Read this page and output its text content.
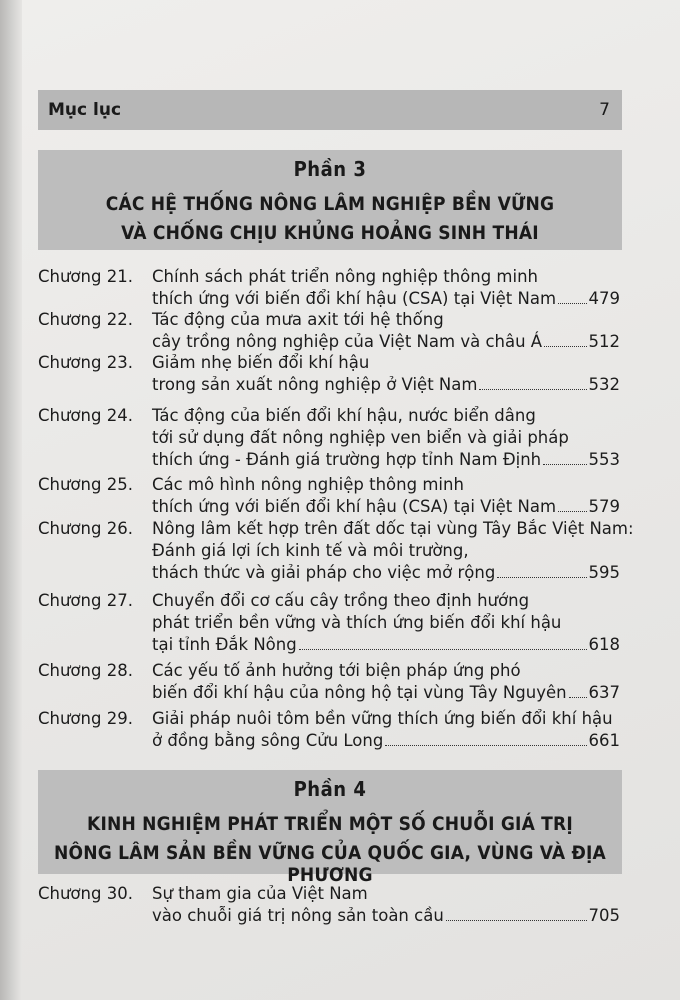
Mục lục	7
Phần 3
CÁC HỆ THỐNG NÔNG LÂM NGHIỆP BỀN VỮNG
VÀ CHỐNG CHỊU KHỦNG HOẢNG SINH THÁI
Chương 21. Chính sách phát triển nông nghiệp thông minh
thích ứng với biến đổi khí hậu (CSA) tại Việt Nam 479
Chương 22. Tác động của mưa axit tới hệ thống
cây trồng nông nghiệp của Việt Nam và châu Á	512
Chương 23. Giảm nhẹ biến đổi khí hậu
trong sản xuất nông nghiệp ở Việt Nam	532
Chương 24. Tác động của biến đổi khí hậu, nước biển dâng
tới sử dụng đất nông nghiệp ven biển và giải pháp
thích ứng - Đánh giá trường hợp tỉnh Nam Định	553
Chương 25. Các mô hình nông nghiệp thông minh
thích ứng với biến đổi khí hậu (CSA) tại Việt Nam 579
Chương 26. Nông lâm kết hợp trên đất dốc tại vùng Tây Bắc Việt Nam:
Đánh giá lợi ích kinh tế và môi trường,
thách thức và giải pháp cho việc mở rộng	595
Chương 27. Chuyển đổi cơ cấu cây trồng theo định hướng
phát triển bền vững và thích ứng biến đổi khí hậu
tại tỉnh Đắk Nông	618
Chương 28. Các yếu tố ảnh hưởng tới biện pháp ứng phó
biến đổi khí hậu của nông hộ tại vùng Tây Nguyên 637
Chương 29. Giải pháp nuôi tôm bền vững thích ứng biến đổi khí hậu
ở đồng bằng sông Cửu Long	661
Phần 4
KINH NGHIỆM PHÁT TRIỂN MỘT SỐ CHUỖI GIÁ TRỊ
NÔNG LÂM SẢN BỀN VỮNG CỦA QUỐC GIA, VÙNG VÀ ĐỊA PHƯƠNG
Chương 30. Sự tham gia của Việt Nam
vào chuỗi giá trị nông sản toàn cầu	705
